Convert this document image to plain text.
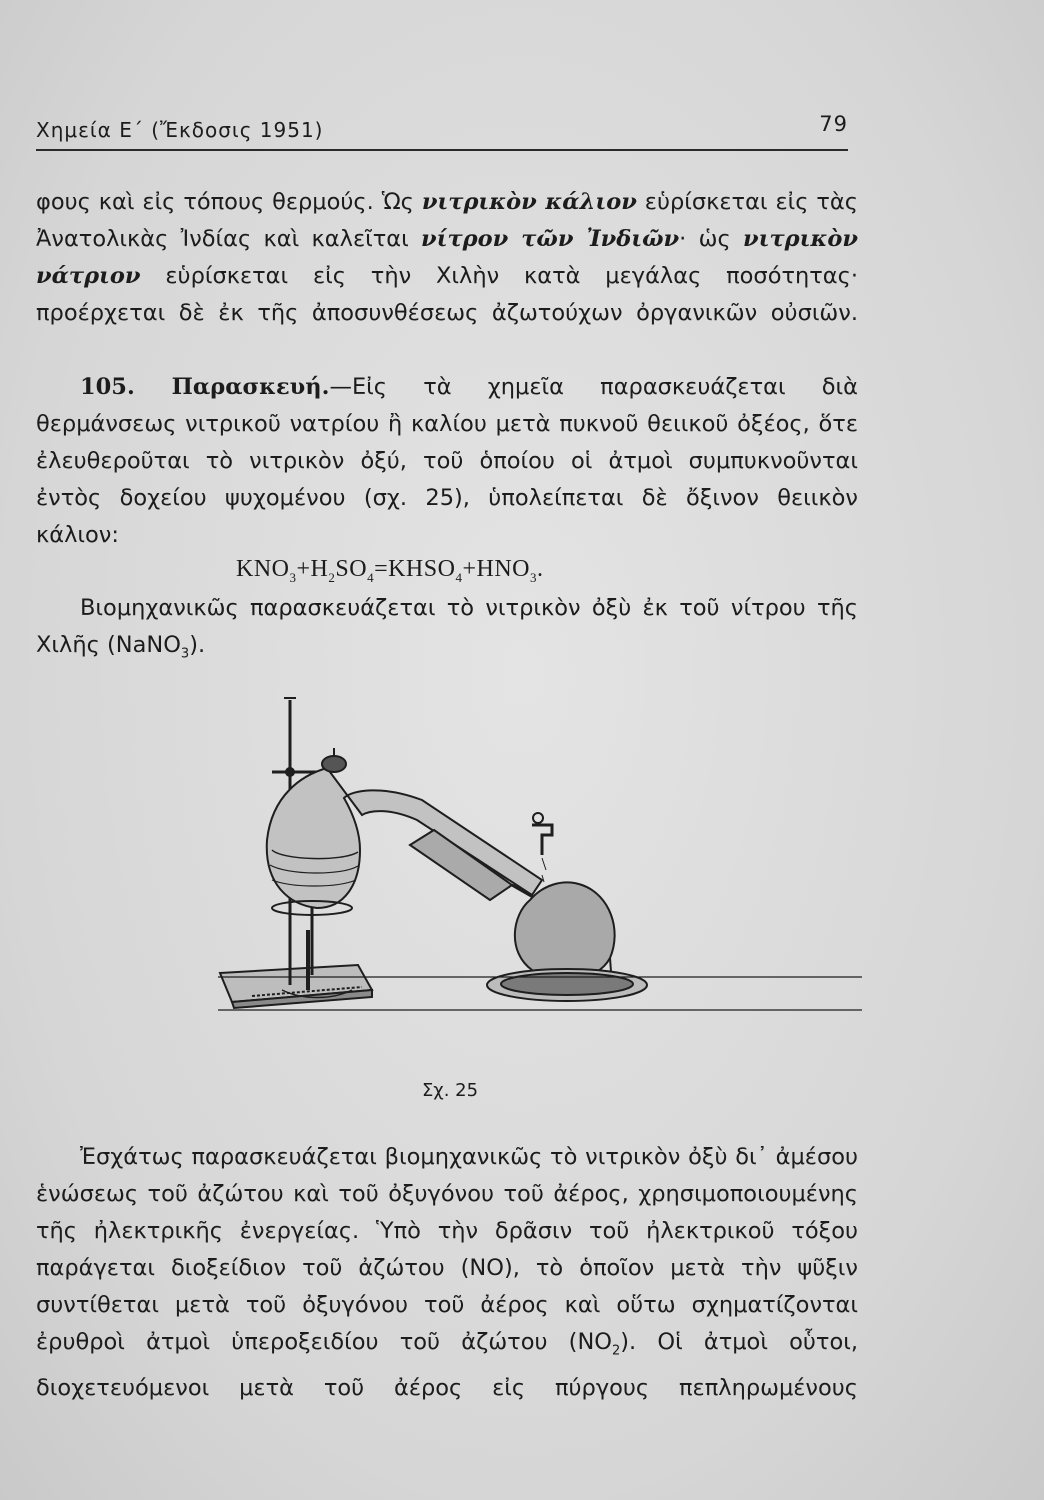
Χημεία Ε΄ (Ἔκδοσις 1951)	79
φους καὶ εἰς τόπους θερμούς. Ὡς νιτρικὸν κάλιον εὑρίσκεται εἰς τὰς Ἀνατολικὰς Ἰνδίας καὶ καλεῖται νίτρον τῶν Ἰνδιῶν· ὡς νιτρικὸν νάτριον εὑρίσκεται εἰς τὴν Χιλὴν κατὰ μεγάλας ποσότητας· προέρχεται δὲ ἐκ τῆς ἀποσυνθέσεως ἀζωτούχων ὀργανικῶν οὐσιῶν.
105. Παρασκευή.—Εἰς τὰ χημεῖα παρασκευάζεται διὰ θερμάνσεως νιτρικοῦ νατρίου ἢ καλίου μετὰ πυκνοῦ θειικοῦ ὀξέος, ὅτε ἐλευθεροῦται τὸ νιτρικὸν ὀξύ, τοῦ ὁποίου οἱ ἀτμοὶ συμπυκνοῦνται ἐντὸς δοχείου ψυχομένου (σχ. 25), ὑπολείπεται δὲ ὄξινον θειικὸν κάλιον:
$KNO_3+H_2SO_4=KHSO_4+HNO_3$.
Βιομηχανικῶς παρασκευάζεται τὸ νιτρικὸν ὀξὺ ἐκ τοῦ νίτρου τῆς Χιλῆς (NaNO$_3$).
Σχ. 25
Ἐσχάτως παρασκευάζεται βιομηχανικῶς τὸ νιτρικὸν ὀξὺ δι᾽ ἀμέσου ἑνώσεως τοῦ ἀζώτου καὶ τοῦ ὀξυγόνου τοῦ ἀέρος, χρησιμοποιουμένης τῆς ἠλεκτρικῆς ἐνεργείας. Ὑπὸ τὴν δρᾶσιν τοῦ ἠλεκτρικοῦ τόξου παράγεται διοξείδιον τοῦ ἀζώτου (NO), τὸ ὁποῖον μετὰ τὴν ψῦξιν συντίθεται μετὰ τοῦ ὀξυγόνου τοῦ ἀέρος καὶ οὕτω σχηματίζονται ἐρυθροὶ ἀτμοὶ ὑπεροξειδίου τοῦ ἀζώτου $(NO_2)$. Οἱ ἀτμοὶ οὗτοι, διοχετευόμενοι μετὰ τοῦ ἀέρος εἰς πύργους πεπληρωμένους
